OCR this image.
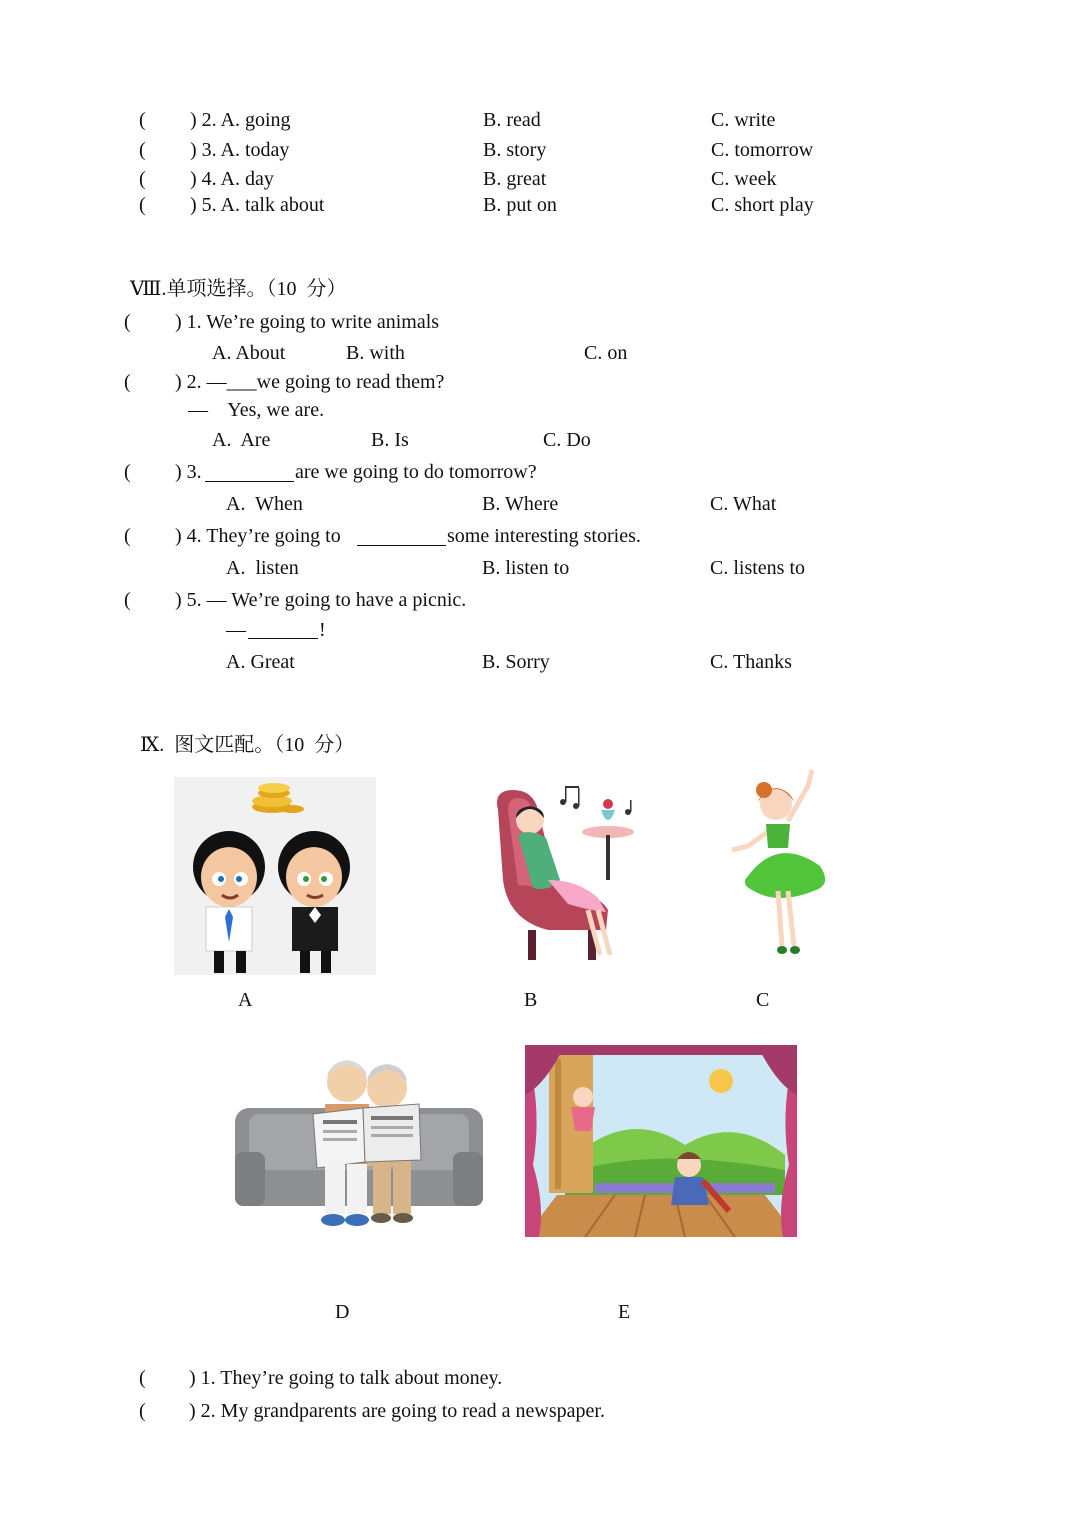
( ) 2. A. going	B. read	C. write
( ) 3. A. today	B. story	C. tomorrow
( ) 4. A. day	B. great	C. week
( ) 5. A. talk about	B. put on	C. short play
Ⅷ.单项选择。（10  分）
( ) 1. We’re going to write animals
A. About	B. with	C. on
( ) 2. —___we going to read them?
—    Yes, we are.
A.  Are	B. Is	C. Do
( ) 3.	are we going to do tomorrow?
A.  When	B. Where	C. What
( ) 4. They’re going to	some interesting stories.
A.  listen	B. listen to	C. listens to
( ) 5. — We’re going to have a picnic.
—	!
A. Great	B. Sorry	C. Thanks
Ⅸ.  图文匹配。（10  分）
A	B	C
D	E
( ) 1. They’re going to talk about money.
( ) 2. My grandparents are going to read a newspaper.
